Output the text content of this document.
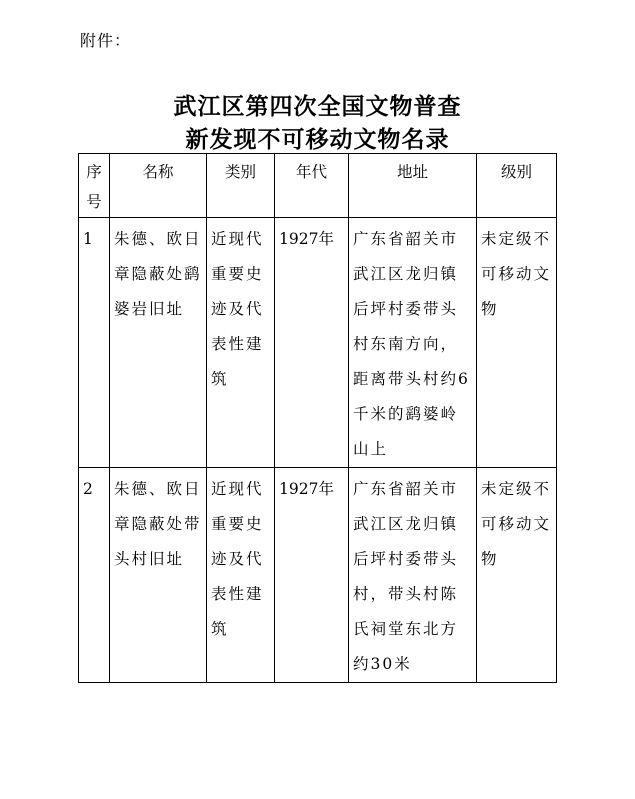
附件：
武江区第四次全国文物普查
新发现不可移动文物名录
序号	名称	类别	年代	地址	级别
1	朱德、欧日章隐蔽处鹞婆岩旧址	近现代重要史迹及代表性建筑	1927年	广东省韶关市武江区龙归镇后坪村委带头村东南方向，距离带头村约6千米的鹞婆岭山上	未定级不可移动文物
2	朱德、欧日章隐蔽处带头村旧址	近现代重要史迹及代表性建筑	1927年	广东省韶关市武江区龙归镇后坪村委带头村，带头村陈氏祠堂东北方约30米	未定级不可移动文物
